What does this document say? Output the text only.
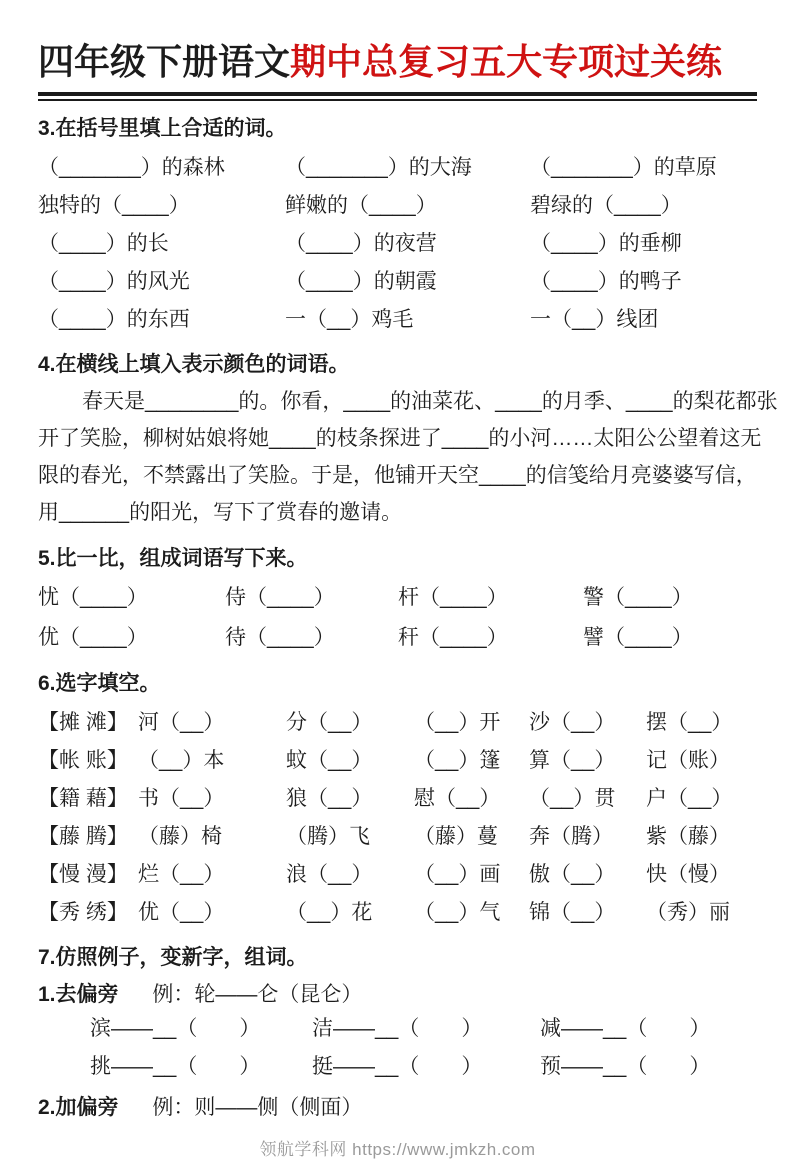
四年级下册语文期中总复习五大专项过关练
3.在括号里填上合适的词。
（_______）的森林	（_______）的大海	（_______）的草原
独特的（____）	鲜嫩的（____）	碧绿的（____）
（____）的长	（____）的夜营	（____）的垂柳
（____）的风光	（____）的朝霞	（____）的鸭子
（____）的东西	一（__）鸡毛	一（__）线团
4.在横线上填入表示颜色的词语。
春天是________的。你看，____的油菜花、____的月季、____的梨花都张
开了笑脸，柳树姑娘将她____的枝条探进了____的小河……太阳公公望着这无
限的春光，不禁露出了笑脸。于是，他铺开天空____的信笺给月亮婆婆写信，
用______的阳光，写下了赏春的邀请。
5.比一比，组成词语写下来。
忧（____）	侍（____）	杆（____）	警（____）
优（____）	待（____）	秆（____）	譬（____）
6.选字填空。
【摊 滩】 河（__）	分（__）	（__）开	沙（__）	摆（__）
【帐 账】 （__）本	蚊（__）	（__）篷	算（__）	记（账）
【籍 藉】 书（__）	狼（__）	慰（__）	（__）贯	户（__）
【藤 腾】 （藤）椅	（腾）飞	（藤）蔓	奔（腾）	紫（藤）
【慢 漫】 烂（__）	浪（__）	（__）画	傲（__）	快（慢）
【秀 绣】 优（__）	（__）花	（__）气	锦（__）	（秀）丽
7.仿照例子，变新字，组词。
1.去偏旁 例：轮——仑（昆仑）
滨——__（　　）	洁——__（　　）	减——__（　　）
挑——__（　　）	挺——__（　　）	预——__（　　）
2.加偏旁 例：则——侧（侧面）
领航学科网 https://www.jmkzh.com
